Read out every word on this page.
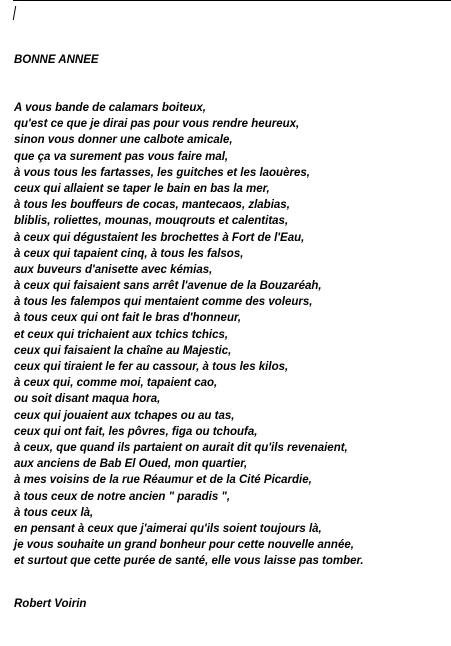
BONNE ANNEE
A vous bande de calamars boiteux,
qu'est ce que je dirai pas pour vous rendre heureux,
sinon vous donner une calbote amicale,
que ça va surement pas vous faire mal,
à vous tous les fartasses, les guitches et les laouères,
ceux qui allaient se taper le bain en bas la mer,
à tous les bouffeurs de cocas, mantecaos, zlabias,
bliblis, roliettes, mounas, mouqrouts et calentitas,
à ceux qui dégustaient les brochettes à Fort de l'Eau,
à ceux qui tapaient cinq, à tous les falsos,
aux buveurs d'anisette avec kémias,
à ceux qui faisaient sans arrêt l'avenue de la Bouzaréah,
à tous les falempos qui mentaient comme des voleurs,
à tous ceux qui ont fait le bras d'honneur,
et ceux qui trichaient aux tchics tchics,
ceux qui faisaient la chaîne au Majestic,
ceux qui tiraient le fer au cassour, à tous les kilos,
à ceux qui, comme moi, tapaient cao,
ou soit disant maqua hora,
ceux qui jouaient aux tchapes ou au tas,
ceux qui ont fait, les pôvres, figa ou tchoufa,
à ceux, que quand ils partaient on aurait dit qu'ils revenaient,
aux anciens de Bab El Oued, mon quartier,
à mes voisins de la rue Réaumur et de la Cité Picardie,
à tous ceux de notre ancien " paradis ",
à tous ceux là,
en pensant à ceux que j'aimerai qu'ils soient toujours là,
je vous souhaite un grand bonheur pour cette nouvelle année,
et surtout que cette purée de santé, elle vous laisse pas tomber.
Robert Voirin
